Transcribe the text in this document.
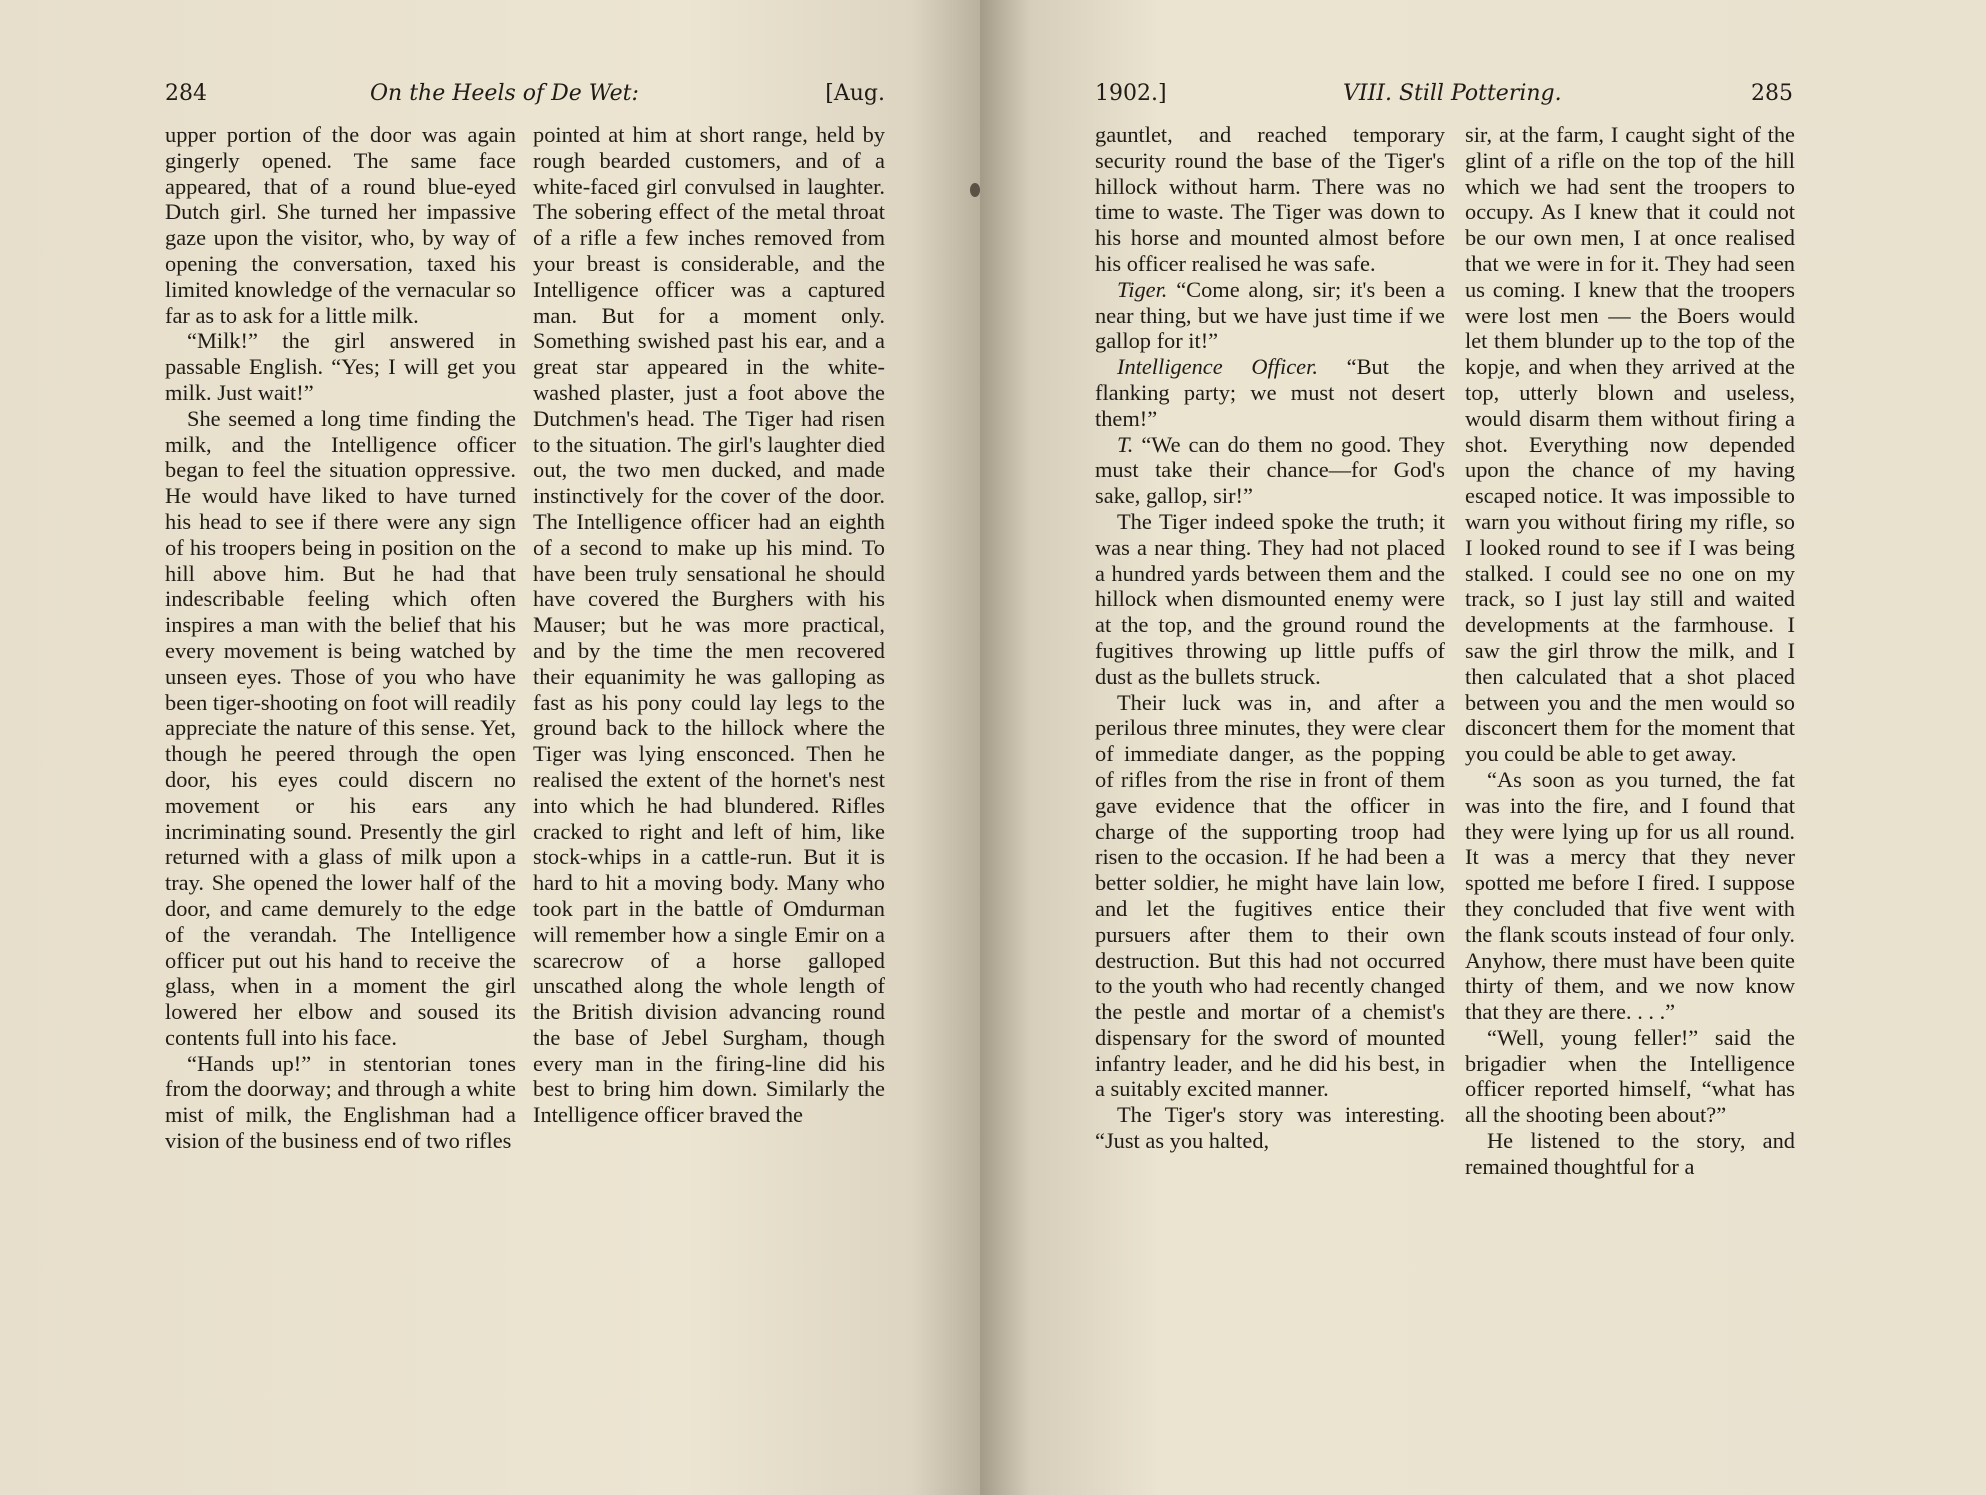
284	On the Heels of De Wet:	[Aug.

upper portion of the door was again gingerly opened. The same face appeared, that of a round blue-eyed Dutch girl. She turned her impassive gaze upon the visitor, who, by way of opening the conversation, taxed his limited knowledge of the vernacular so far as to ask for a little milk.

“Milk!” the girl answered in passable English. “Yes; I will get you milk. Just wait!”

She seemed a long time finding the milk, and the Intelligence officer began to feel the situation oppressive. He would have liked to have turned his head to see if there were any sign of his troopers being in position on the hill above him. But he had that indescribable feeling which often inspires a man with the belief that his every movement is being watched by unseen eyes. Those of you who have been tiger-shooting on foot will readily appreciate the nature of this sense. Yet, though he peered through the open door, his eyes could discern no movement or his ears any incriminating sound. Presently the girl returned with a glass of milk upon a tray. She opened the lower half of the door, and came demurely to the edge of the verandah. The Intelligence officer put out his hand to receive the glass, when in a moment the girl lowered her elbow and soused its contents full into his face.

“Hands up!” in stentorian tones from the doorway; and through a white mist of milk, the Englishman had a vision of the business end of two rifles

pointed at him at short range, held by rough bearded customers, and of a white-faced girl convulsed in laughter. The sobering effect of the metal throat of a rifle a few inches removed from your breast is considerable, and the Intelligence officer was a captured man. But for a moment only. Something swished past his ear, and a great star appeared in the white-washed plaster, just a foot above the Dutchmen's head. The Tiger had risen to the situation. The girl's laughter died out, the two men ducked, and made instinctively for the cover of the door. The Intelligence officer had an eighth of a second to make up his mind. To have been truly sensational he should have covered the Burghers with his Mauser; but he was more practical, and by the time the men recovered their equanimity he was galloping as fast as his pony could lay legs to the ground back to the hillock where the Tiger was lying ensconced. Then he realised the extent of the hornet's nest into which he had blundered. Rifles cracked to right and left of him, like stock-whips in a cattle-run. But it is hard to hit a moving body. Many who took part in the battle of Omdurman will remember how a single Emir on a scarecrow of a horse galloped unscathed along the whole length of the British division advancing round the base of Jebel Surgham, though every man in the firing-line did his best to bring him down. Similarly the Intelligence officer braved the

1902.]	VIII. Still Pottering.	285

gauntlet, and reached temporary security round the base of the Tiger's hillock without harm. There was no time to waste. The Tiger was down to his horse and mounted almost before his officer realised he was safe.

Tiger. “Come along, sir; it's been a near thing, but we have just time if we gallop for it!”

Intelligence Officer. “But the flanking party; we must not desert them!”

T. “We can do them no good. They must take their chance—for God's sake, gallop, sir!”

The Tiger indeed spoke the truth; it was a near thing. They had not placed a hundred yards between them and the hillock when dismounted enemy were at the top, and the ground round the fugitives throwing up little puffs of dust as the bullets struck.

Their luck was in, and after a perilous three minutes, they were clear of immediate danger, as the popping of rifles from the rise in front of them gave evidence that the officer in charge of the supporting troop had risen to the occasion. If he had been a better soldier, he might have lain low, and let the fugitives entice their pursuers after them to their own destruction. But this had not occurred to the youth who had recently changed the pestle and mortar of a chemist's dispensary for the sword of mounted infantry leader, and he did his best, in a suitably excited manner.

The Tiger's story was interesting. “Just as you halted,

sir, at the farm, I caught sight of the glint of a rifle on the top of the hill which we had sent the troopers to occupy. As I knew that it could not be our own men, I at once realised that we were in for it. They had seen us coming. I knew that the troopers were lost men — the Boers would let them blunder up to the top of the kopje, and when they arrived at the top, utterly blown and useless, would disarm them without firing a shot. Everything now depended upon the chance of my having escaped notice. It was impossible to warn you without firing my rifle, so I looked round to see if I was being stalked. I could see no one on my track, so I just lay still and waited developments at the farmhouse. I saw the girl throw the milk, and I then calculated that a shot placed between you and the men would so disconcert them for the moment that you could be able to get away.

“As soon as you turned, the fat was into the fire, and I found that they were lying up for us all round. It was a mercy that they never spotted me before I fired. I suppose they concluded that five went with the flank scouts instead of four only. Anyhow, there must have been quite thirty of them, and we now know that they are there. . . .”

“Well, young feller!” said the brigadier when the Intelligence officer reported himself, “what has all the shooting been about?”

He listened to the story, and remained thoughtful for a
